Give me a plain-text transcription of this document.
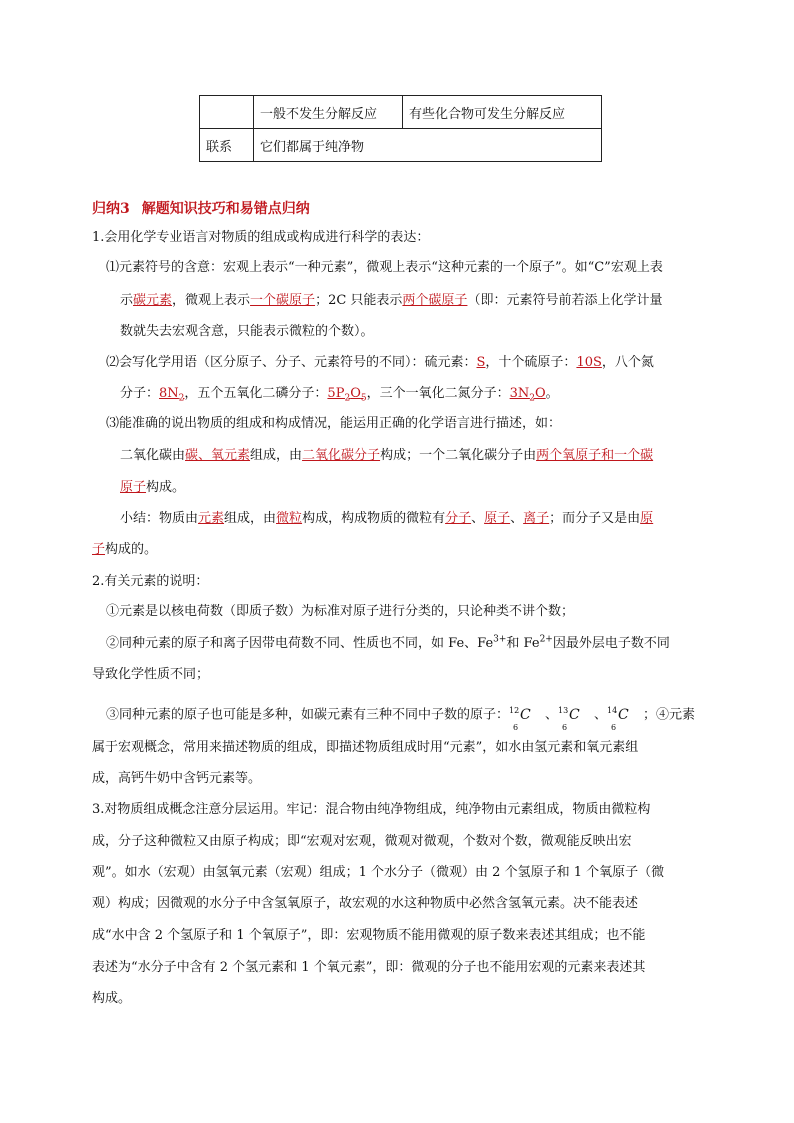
	一般不发生分解反应	有些化合物可发生分解反应
联系	它们都属于纯净物	
归纳3 解题知识技巧和易错点归纳
1.会用化学专业语言对物质的组成或构成进行科学的表达：
⑴元素符号的含意：宏观上表示“一种元素”，微观上表示“这种元素的一个原子”。如“C”宏观上表
示碳元素，微观上表示一个碳原子；2C 只能表示两个碳原子（即：元素符号前若添上化学计量
数就失去宏观含意，只能表示微粒的个数）。
⑵会写化学用语（区分原子、分子、元素符号的不同）：硫元素：S，十个硫原子：10S，八个氮
分子：$8N_2$，五个五氧化二磷分子：$5P_2O_5$，三个一氧化二氮分子：$3N_2O$。
⑶能准确的说出物质的组成和构成情况，能运用正确的化学语言进行描述，如：
二氧化碳由碳、氧元素组成，由二氧化碳分子构成；一个二氧化碳分子由两个氧原子和一个碳
原子构成。
小结：物质由元素组成，由微粒构成，构成物质的微粒有分子、原子、离子；而分子又是由原
子构成的。
2.有关元素的说明：
①元素是以核电荷数（即质子数）为标准对原子进行分类的，只论种类不讲个数；
②同种元素的原子和离子因带电荷数不同、性质也不同，如 Fe、$Fe^{3+}$和 $Fe^{2+}$因最外层电子数不同
导致化学性质不同；
③同种元素的原子也可能是多种，如碳元素有三种不同中子数的原子： 12
6
C 、 13
6
C 、 14
6
C ；④元素
属于宏观概念，常用来描述物质的组成，即描述物质组成时用“元素”，如水由氢元素和氧元素组
成，高钙牛奶中含钙元素等。
3.对物质组成概念注意分层运用。牢记：混合物由纯净物组成，纯净物由元素组成，物质由微粒构
成，分子这种微粒又由原子构成；即“宏观对宏观，微观对微观，个数对个数，微观能反映出宏
观”。如水（宏观）由氢氧元素（宏观）组成；1 个水分子（微观）由 2 个氢原子和 1 个氧原子（微
观）构成；因微观的水分子中含氢氧原子，故宏观的水这种物质中必然含氢氧元素。决不能表述
成“水中含 2 个氢原子和 1 个氧原子”，即：宏观物质不能用微观的原子数来表述其组成；也不能
表述为“水分子中含有 2 个氢元素和 1 个氧元素”，即：微观的分子也不能用宏观的元素来表述其
构成。
